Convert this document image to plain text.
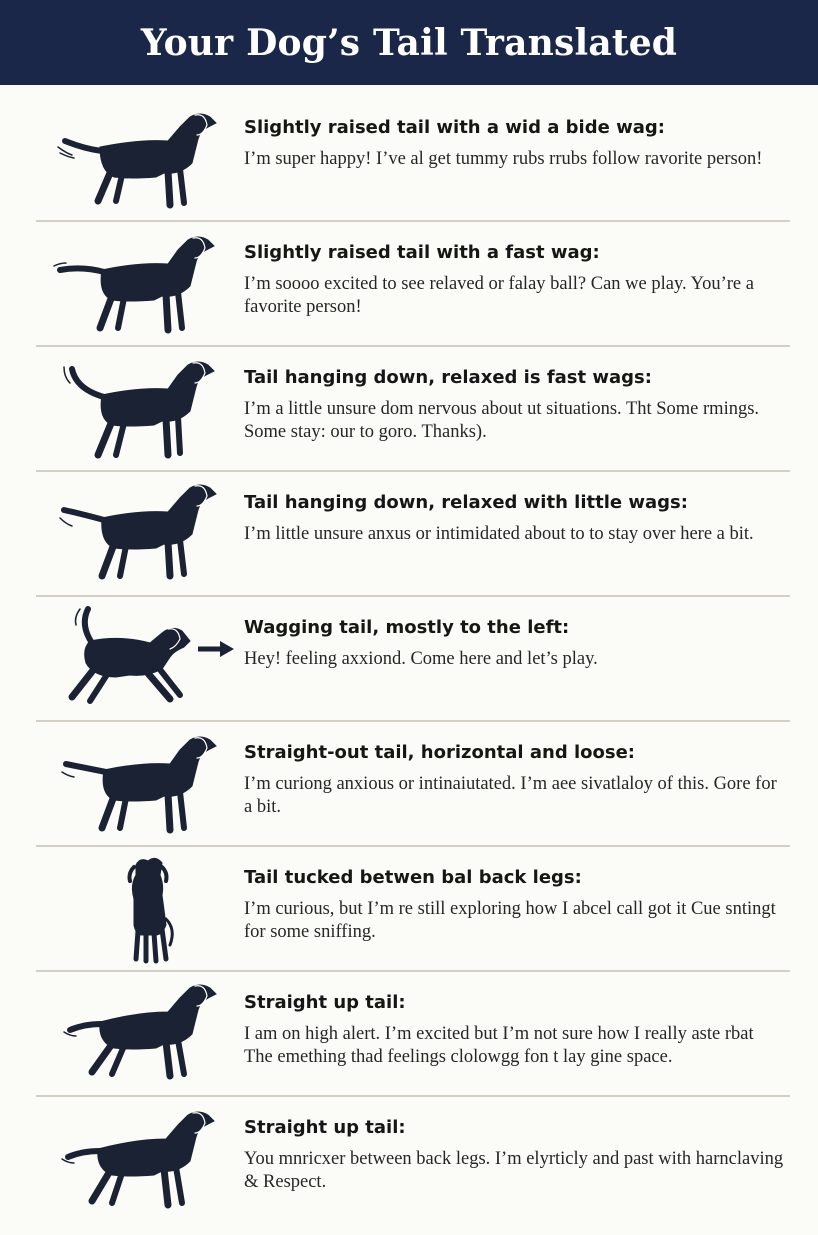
Your Dog’s Tail Translated

Slightly raised tail with a wid a bide wag:

I’m super happy! I’ve al get tummy rubs rrubs follow ravorite person!

Slightly raised tail with a fast wag:

I’m soooo excited to see relaved or falay ball? Can we play. You’re a favorite person!

Tail hanging down, relaxed is fast wags:

I’m a little unsure dom nervous about ut situations. Tht Some rmings. Some stay: our to goro. Thanks).

Tail hanging down, relaxed with little wags:

I’m little unsure anxus or intimidated about to to stay over here a bit.

Wagging tail, mostly to the left:

Hey! feeling axxiond. Come here and let’s play.

Straight-out tail, horizontal and loose:

I’m curiong anxious or intinaiutated. I’m aee sivatlaloy of this. Gore for a bit.

Tail tucked betwen bal back legs:

I’m curious, but I’m re still exploring how I abcel call got it Cue sntingt for some sniffing.

Straight up tail:

I am on high alert. I’m excited but I’m not sure how I really aste rbat The emething thad feelings clolowgg fon t lay gine space.

Straight up tail:

You mnricxer between back legs. I’m elyrticly and past with harnclaving & Respect.
